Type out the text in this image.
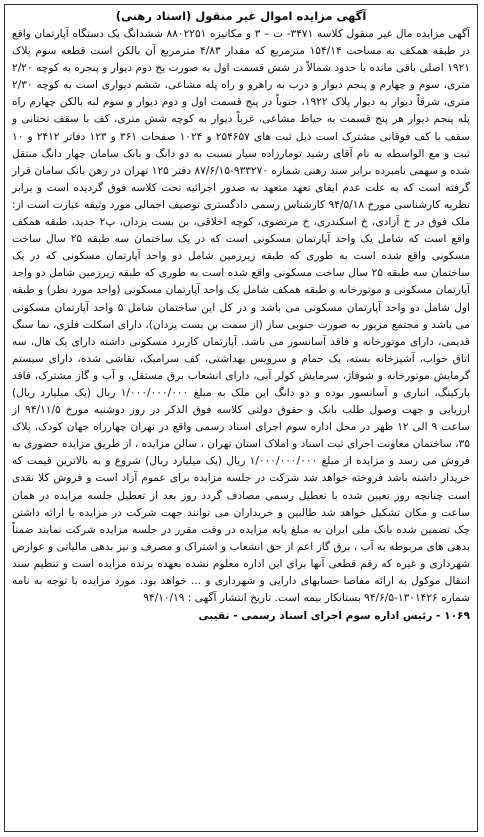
آگهی مزایده اموال غیر منقول (اسناد رهنی)

آگهی مزایده مال غیر منقول کلاسه ۳۴۷۱- ت – ۳ و مکانیزه ۸۸۰۲۲۵۱ ششدانگ یک دستگاه آپارتمان واقع در طبقه همکف به مساحت ۱۵۴/۱۴ مترمربع که مقدار ۴/۸۳ مترمربع آن بالکن است قطعه سوم پلاک ۱۹۲۱ اصلی باقی مانده با حدود شمالاً در شش قسمت اول به صورت یخ دوم دیوار و پنجره به کوچه ۲/۲۰ متری، سوم و چهارم و پنجم دیوار و درب به راهرو و راه پله مشاعی، ششم دیواری است به کوچه ۲/۳۰ متری، شرقاً دیوار به دیوار پلاک ۱۹۲۲، جنوباً در پنج قسمت اول و دوم دیوار و سوم لبه بالکن چهارم راه پله پنجم دیوار هر پنج قسمت به حیاط مشاعی، غرباً دیوار به کوچه شش متری، کف با سقف تحتانی و سقف با کف فوقانی مشترک است ذیل ثبت های ۲۵۴۶۵۷ و ۱۰۲۴ صفحات ۳۶۱ و ۱۲۳ دفاتر ۲۴۱۲ و ۱۰ ثبت و مع الواسطه به نام آقای رشید تومارزاده سیار نسبت به دو دانگ و بانک سامان چهار دانگ منتقل شده و سهمی نامبرده برابر سند رهنی شماره ۹۳۳۲۷۰-۸۷/۶/۱۵ دفتر ۱۲۵ تهران در رهن بانک سامان قرار گرفته است که به علت عدم ایفای تعهد متعهد به صدور اجرائیه تحت کلاسه فوق گردیده است و برابر نظریه کارشناسی مورخ ۹۴/۵/۱۸ کارشناس رسمی دادگستری توصیف اجمالی مورد وثیقه عبارت است از: ملک فوق در خ آزادی، خ اسکندری، خ مرتضوی، کوچه اخلاقی، بن بست یزدان، پ۲ جدید، طبقه همکف واقع است که شامل یک واحد آپارتمان مسکونی است که در یک ساختمان سه طبقه ۲۵ سال ساخت مسکونی واقع شده است به طوری که طبقه زیرزمین شامل دو واحد آپارتمان مسکونی که در یک ساختمان سه طبقه ۲۵ سال ساخت مسکونی واقع شده است به طوری که طبقه زیرزمین شامل دو واحد آپارتمان مسکونی و موتورخانه و طبقه همکف شامل یک واحد آپارتمان مسکونی (واحد مورد نظر) و طبقه اول شامل دو واحد آپارتمان مسکونی می باشد و در کل این ساختمان شامل ۵ واحد آپارتمان مسکونی می باشد و مجتمع مزبور به صورت جنوبی ساز (از سمت بن بست یزدان)، دارای اسکلت فلزی، نما سنگ قدیمی، دارای موتورخانه و فاقد آسانسور می باشد. آپارتمان کاربرد مسکونی داشته دارای یک هال، سه اتاق خواب، آشپزخانه بسته، یک حمام و سرویس بهداشتی، کف سرامیک، نقاشی شده، دارای سیستم گرمایش موتورخانه و شوفاژ، سرمایش کولر آبی، دارای انشعاب برق مستقل، و آب و گاز مشترک، فاقد پارکینگ، انباری و آسانسور بوده و دو دانگ این ملک به مبلغ ۱/۰۰۰/۰۰۰/۰۰۰ ریال (یک میلیارد ریال) ارزیابی و جهت وصول طلب بانک و حقوق دولتی کلاسه فوق الذکر در روز دوشنبه مورخ ۹۴/۱۱/۵ از ساعت ۹ الی ۱۲ ظهر در محل اداره سوم اجرای اسناد رسمی واقع در تهران چهارراه جهان کودک، پلاک ۳۵، ساختمان معاونت اجرای ثبت اسناد و املاک استان تهران ، سالن مزایده ، از طریق مزایده حضوری به فروش می رسد و مزایده از مبلغ ۱/۰۰۰/۰۰۰/۰۰۰ ریال (یک میلیارد ریال) شروع و به بالاترین قیمت که خریدار داشته باشد فروخته خواهد شد شرکت در جلسه مزایده برای عموم آزاد است و فروش کلا نقدی است چنانچه روز تعیین شده با تعطیل رسمی مصادف گردد روز بعد از تعطیل جلسه مزایده در همان ساعت و مکان تشکیل خواهد شد طالبین و خریداران می توانند جهت شرکت در مزایده با ارائه داشتن چک تضمین شده بانک ملی ایران به مبلغ پایه مزایده در وقت مقرر در جلسه مزایده شرکت نمایند ضمناً بدهی های مربوطه به آب ، برق گاز اعم از حق انشعاب و اشتراک و مصرف و نیز بدهی مالیاتی و عوارض شهرداری و غیره که رقم قطعی آنها برای این اداره معلوم نشده بعهده برنده مزایده است و تنظیم سند انتقال موکول به ارائه مفاصا حسابهای دارایی و شهرداری و ... خواهد بود. مورد مزایده با توجه به نامه شماره ۱۳۰۱۴۲۶-۹۴/۶/۵ بستانکار بیمه است. تاریخ انتشار آگهی : ۹۴/۱۰/۱۹

۱۰۶۹ - رئیس اداره سوم اجرای اسناد رسمی - نقیبی
